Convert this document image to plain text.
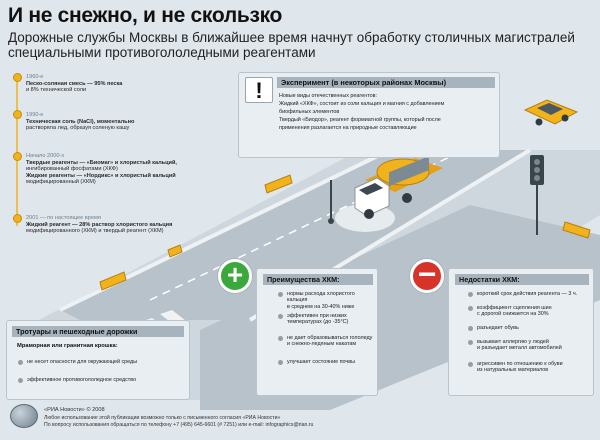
И не снежно, и не скользко
Дорожные службы Москвы в ближайшее время начнут обработку столичных магистралей специальными противогололедными реагентами
1960-е
Песко-соляная смесь — 95% песка
и 8% технической соли
1990-е
Техническая соль (NaCl), моментально
растворяла лед, образуя соленую кашу
Начало 2000-х
Твердые реагенты — «Биомаг» и хлористый кальций,
ингибированный фосфатами (ХКФ)
Жидкие реагенты — «Нордикс» и хлористый кальций
модифицированный (ХКМ)
2001 — по настоящее время
Жидкий реагент — 28% раствор хлористого кальция
модифицированного (ХКМ) и твердый реагент (ХКМ)
!	Эксперимент (в некоторых районах Москвы)
Новые виды отечественных реагентов:
Жидкий «ХКФ», состоит из соли кальция и магния с добавлением
биофильных элементов
Твердый «Биодор», реагент формиатной группы, который после
применения разлагается на природные составляющие
+	Преимущества ХКМ:
нормы расхода хлористого кальция
в среднем на 30-40% ниже
эффективен при низких
температурах (до -35°С)
не дает образовываться гололеду
и снежно-ледяным накатам
улучшает состояние почвы
−	Недостатки ХКМ:
короткий срок действия реагента — 3 ч.
коэффициент сцепления шин
с дорогой снижается на 30%
разъедает обувь
вызывает аллергию у людей
и разъедает металл автомобилей
агрессивен по отношению к обуви
из натуральных материалов
Тротуары и пешеходные дорожки
Мраморная или гранитная крошка:
не несет опасности для окружающей среды
эффективное противогололедное средство
«РИА Новости» © 2008
Любое использование этой публикации возможно только с письменного согласия «РИА Новости»
По вопросу использования обращаться по телефону +7 (495) 645-6601 (# 7251) или e-mail: infographics@rian.ru
